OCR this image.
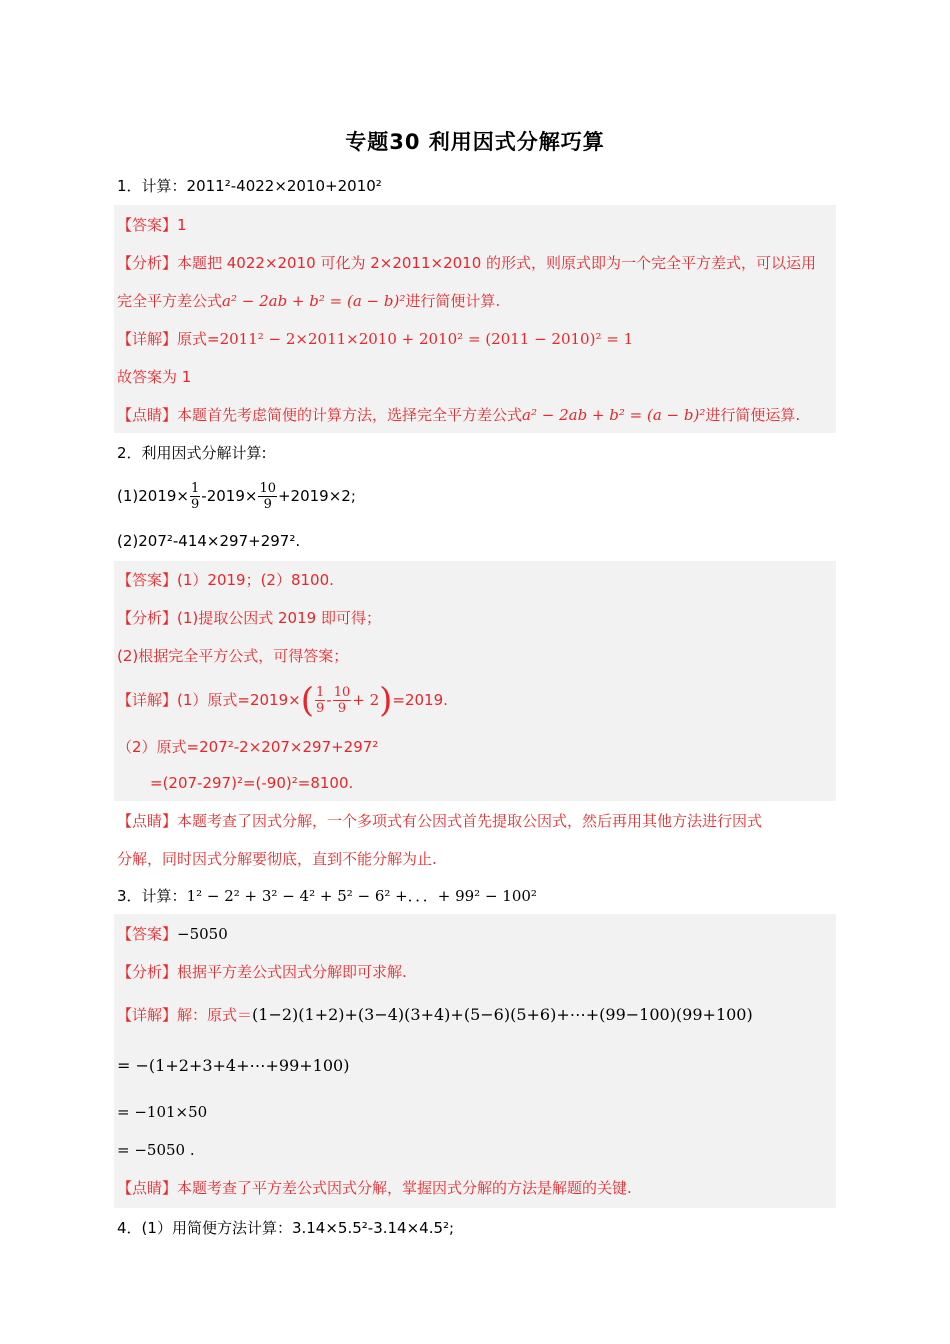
专题30 利用因式分解巧算
1．计算：2011²-4022×2010+2010²
【答案】1
【分析】本题把 4022×2010 可化为 2×2011×2010 的形式，则原式即为一个完全平方差式，可以运用
完全平方差公式a² − 2ab + b² = (a − b)²进行简便计算.
【详解】原式=2011² − 2×2011×2010 + 2010² = (2011 − 2010)² = 1
故答案为 1
【点睛】本题首先考虑简便的计算方法，选择完全平方差公式a² − 2ab + b² = (a − b)²进行简便运算.
2．利用因式分解计算:
$(1)2019\times \frac{1}{9} -2019\times \frac{10}{9} +2019\times 2$;
(2)207²-414×297+297².
【答案】(1）2019；(2）8100.
【分析】(1)提取公因式 2019 即可得；
(2)根据完全平方公式，可得答案；
【详解】(1）原式$=2019\times( \frac{1}{9} - \frac{10}{9} + 2)=2019$.
（2）原式=207²-2×207×297+297²
=(207-297)²=(-90)²=8100.
【点睛】本题考查了因式分解，一个多项式有公因式首先提取公因式，然后再用其他方法进行因式
分解，同时因式分解要彻底，直到不能分解为止.
3．计算：1² − 2² + 3² − 4² + 5² − 6² +．．．+ 99² − 100²
【答案】−5050
【分析】根据平方差公式因式分解即可求解.
【详解】解：原式＝(1−2)(1+2)+(3−4)(3+4)+(5−6)(5+6)+⋯+(99−100)(99+100)
= −(1+2+3+4+⋯+99+100)
= −101×50
= −5050 .
【点睛】本题考查了平方差公式因式分解，掌握因式分解的方法是解题的关键.
4．(1）用简便方法计算：3.14×5.5²-3.14×4.5²;
